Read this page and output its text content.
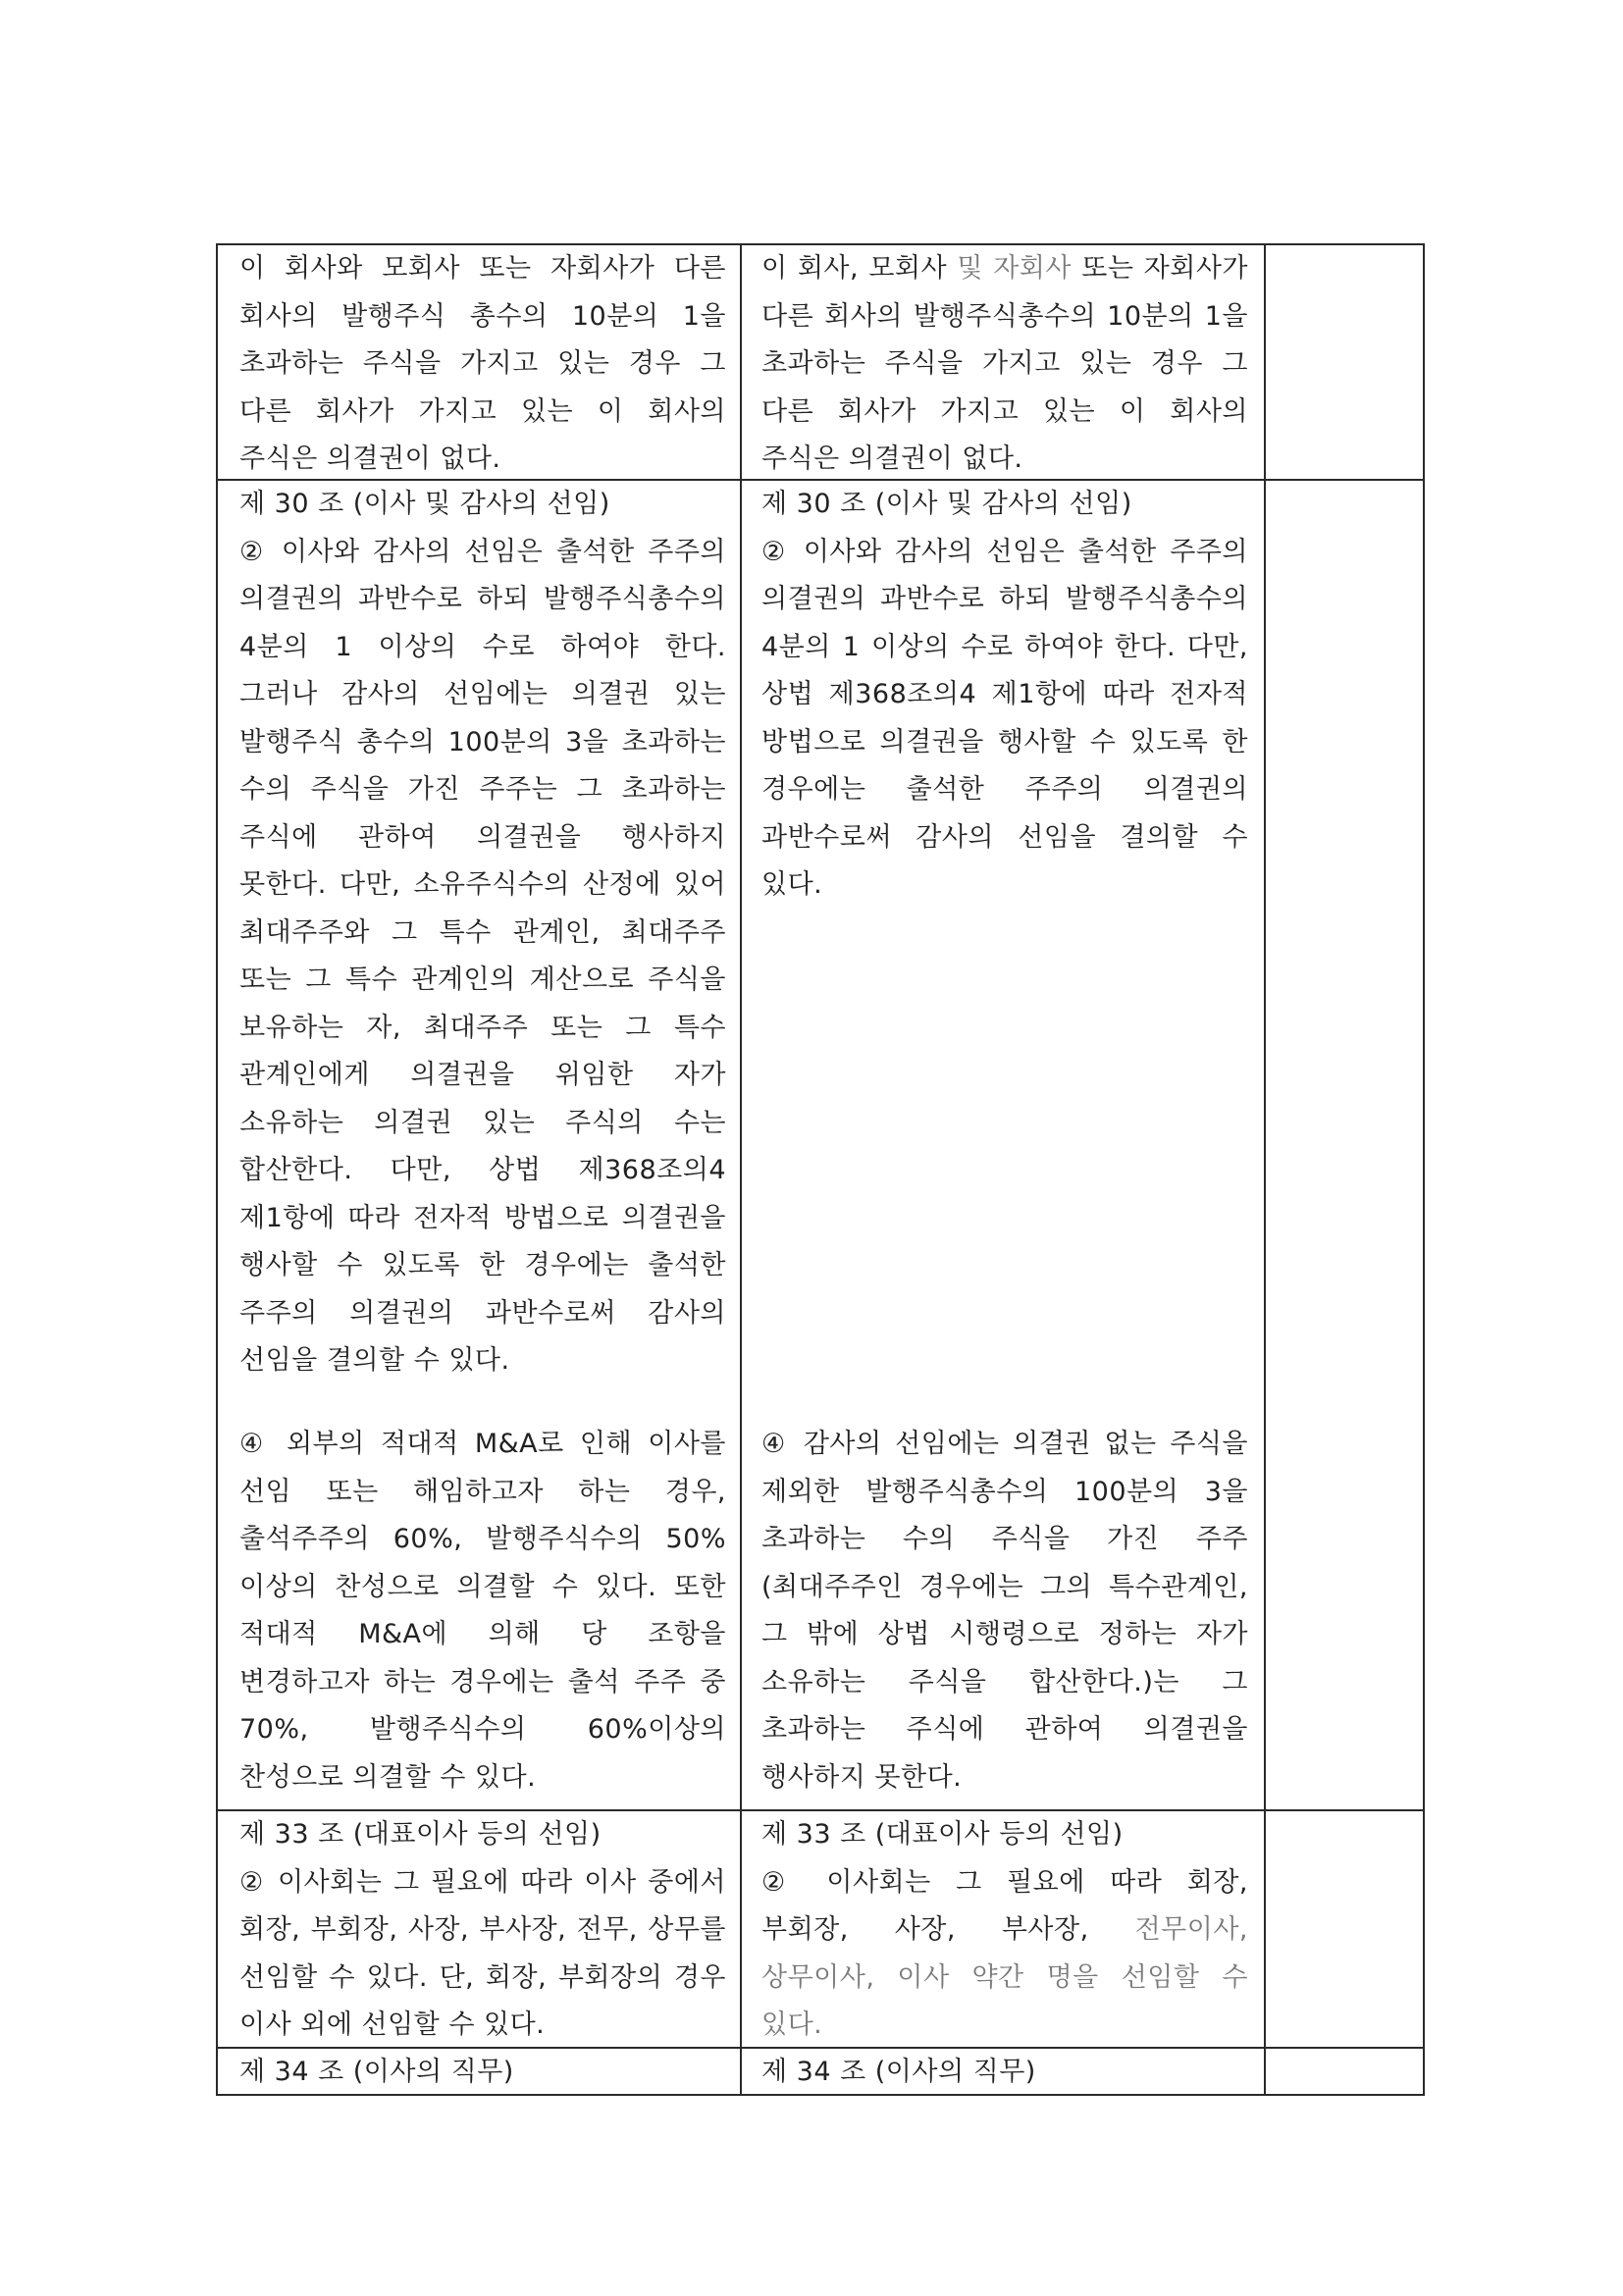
이 회사와 모회사 또는 자회사가 다른 회사의 발행주식 총수의 10분의 1을 초과하는 주식을 가지고 있는 경우 그 다른 회사가 가지고 있는 이 회사의 주식은 의결권이 없다.

이 회사, 모회사 및 자회사 또는 자회사가 다른 회사의 발행주식총수의 10분의 1을 초과하는 주식을 가지고 있는 경우 그 다른 회사가 가지고 있는 이 회사의 주식은 의결권이 없다.

제 30 조 (이사 및 감사의 선임)

② 이사와 감사의 선임은 출석한 주주의 의결권의 과반수로 하되 발행주식총수의 4분의 1 이상의 수로 하여야 한다. 그러나 감사의 선임에는 의결권 있는 발행주식 총수의 100분의 3을 초과하는 수의 주식을 가진 주주는 그 초과하는 주식에 관하여 의결권을 행사하지 못한다. 다만, 소유주식수의 산정에 있어 최대주주와 그 특수 관계인, 최대주주 또는 그 특수 관계인의 계산으로 주식을 보유하는 자, 최대주주 또는 그 특수 관계인에게 의결권을 위임한 자가 소유하는 의결권 있는 주식의 수는 합산한다. 다만, 상법 제368조의4 제1항에 따라 전자적 방법으로 의결권을 행사할 수 있도록 한 경우에는 출석한 주주의 의결권의 과반수로써 감사의 선임을 결의할 수 있다.

④ 외부의 적대적 M&A로 인해 이사를 선임 또는 해임하고자 하는 경우, 출석주주의 60%, 발행주식수의 50% 이상의 찬성으로 의결할 수 있다. 또한 적대적 M&A에 의해 당 조항을 변경하고자 하는 경우에는 출석 주주 중 70%, 발행주식수의 60%이상의 찬성으로 의결할 수 있다.

제 30 조 (이사 및 감사의 선임)

② 이사와 감사의 선임은 출석한 주주의 의결권의 과반수로 하되 발행주식총수의 4분의 1 이상의 수로 하여야 한다. 다만, 상법 제368조의4 제1항에 따라 전자적 방법으로 의결권을 행사할 수 있도록 한 경우에는 출석한 주주의 의결권의 과반수로써 감사의 선임을 결의할 수 있다.

④ 감사의 선임에는 의결권 없는 주식을 제외한 발행주식총수의 100분의 3을 초과하는 수의 주식을 가진 주주(최대주주인 경우에는 그의 특수관계인, 그 밖에 상법 시행령으로 정하는 자가 소유하는 주식을 합산한다.)는 그 초과하는 주식에 관하여 의결권을 행사하지 못한다.

제 33 조 (대표이사 등의 선임)

② 이사회는 그 필요에 따라 이사 중에서 회장, 부회장, 사장, 부사장, 전무, 상무를 선임할 수 있다. 단, 회장, 부회장의 경우 이사 외에 선임할 수 있다.

제 33 조 (대표이사 등의 선임)

② 이사회는 그 필요에 따라 회장, 부회장, 사장, 부사장, 전무이사, 상무이사, 이사 약간 명을 선임할 수 있다.

제 34 조 (이사의 직무)	제 34 조 (이사의 직무)
